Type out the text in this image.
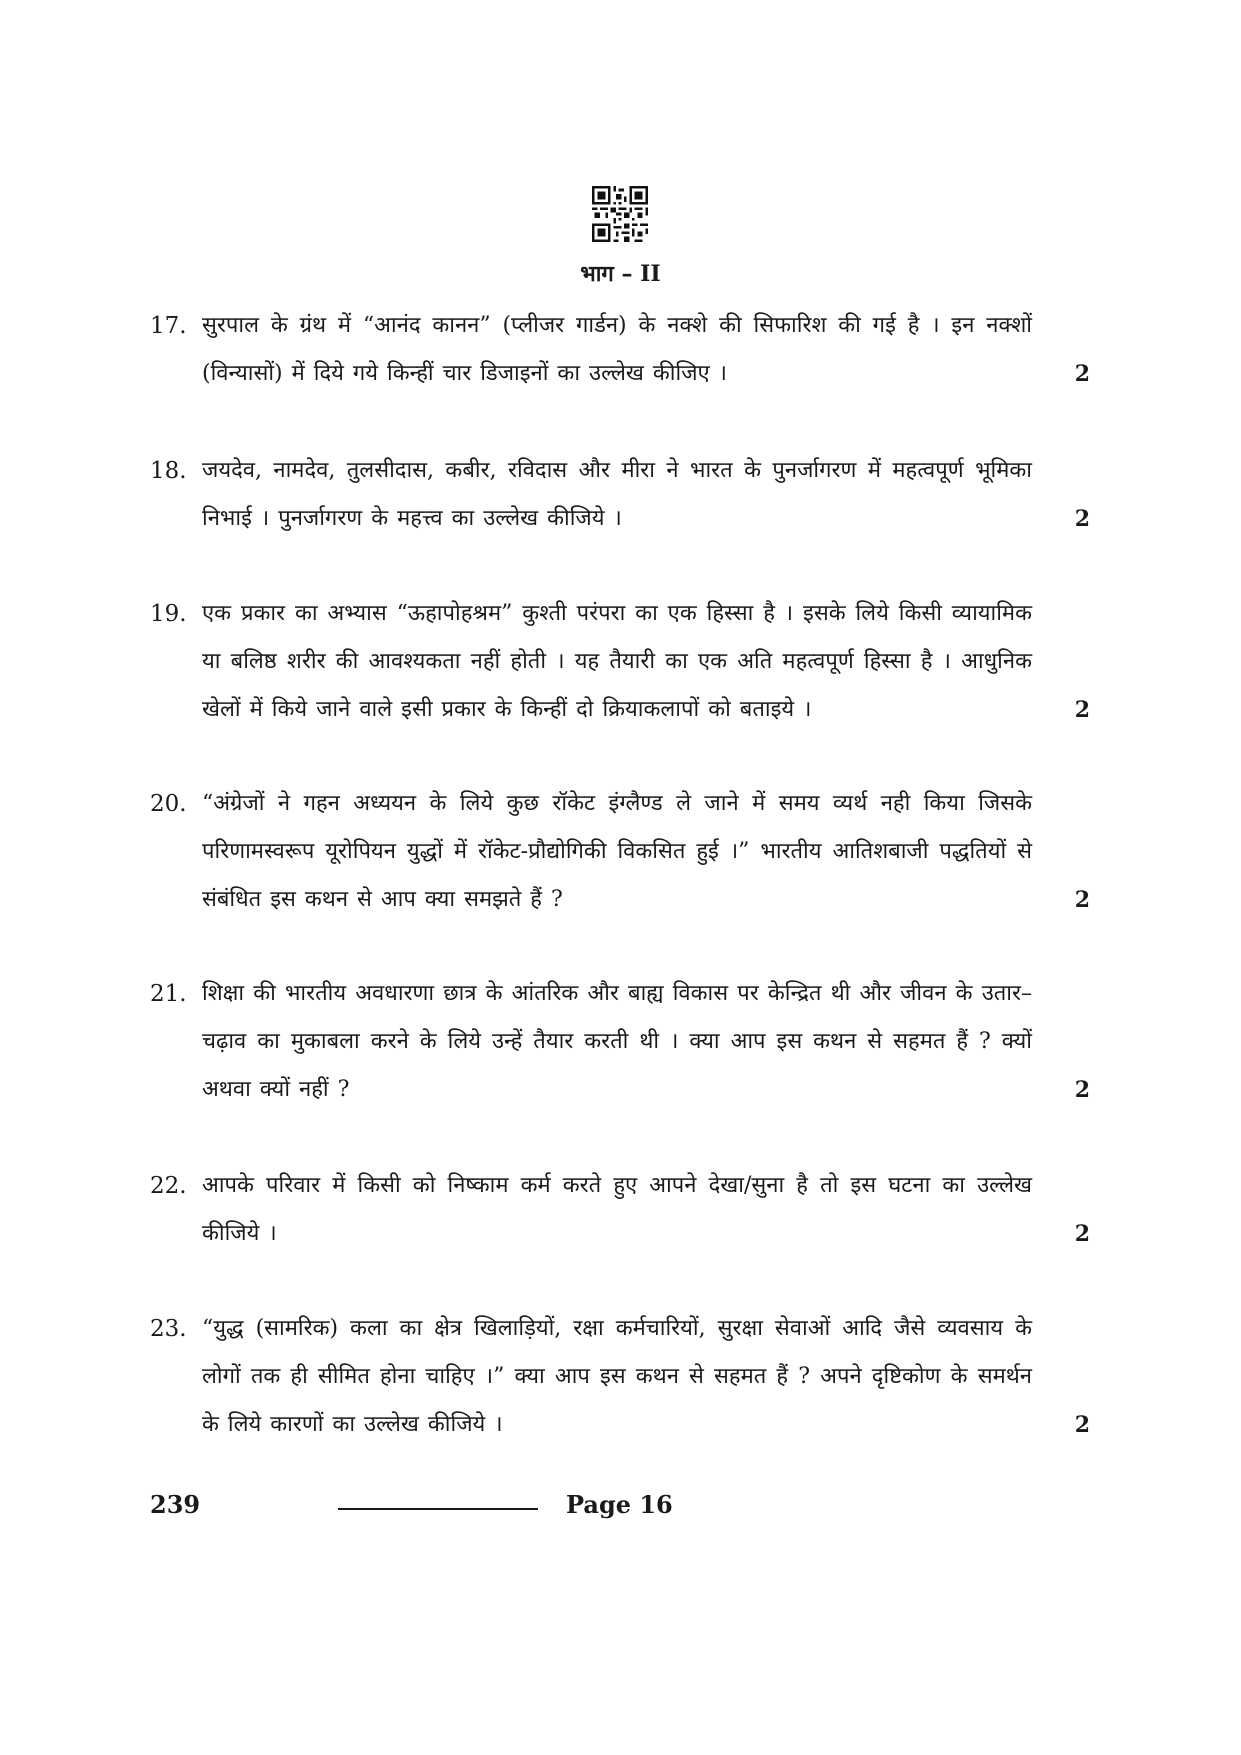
भाग – II
17. सुरपाल के ग्रंथ में “आनंद कानन” (प्लीजर गार्डन) के नक्शे की सिफारिश की गई है । इन नक्शों (विन्यासों) में दिये गये किन्हीं चार डिजाइनों का उल्लेख कीजिए ।	2
18. जयदेव, नामदेव, तुलसीदास, कबीर, रविदास और मीरा ने भारत के पुनर्जागरण में महत्वपूर्ण भूमिका निभाई । पुनर्जागरण के महत्त्व का उल्लेख कीजिये ।	2
19. एक प्रकार का अभ्यास “ऊहापोहश्रम” कुश्ती परंपरा का एक हिस्सा है । इसके लिये किसी व्यायामिक या बलिष्ठ शरीर की आवश्यकता नहीं होती । यह तैयारी का एक अति महत्वपूर्ण हिस्सा है । आधुनिक खेलों में किये जाने वाले इसी प्रकार के किन्हीं दो क्रियाकलापों को बताइये ।	2
20. “अंग्रेजों ने गहन अध्ययन के लिये कुछ रॉकेट इंग्लैण्ड ले जाने में समय व्यर्थ नही किया जिसके परिणामस्वरूप यूरोपियन युद्धों में रॉकेट-प्रौद्योगिकी विकसित हुई ।” भारतीय आतिशबाजी पद्धतियों से संबंधित इस कथन से आप क्या समझते हैं ?	2
21. शिक्षा की भारतीय अवधारणा छात्र के आंतरिक और बाह्य विकास पर केन्द्रित थी और जीवन के उतार–चढ़ाव का मुकाबला करने के लिये उन्हें तैयार करती थी । क्या आप इस कथन से सहमत हैं ? क्यों अथवा क्यों नहीं ?	2
22. आपके परिवार में किसी को निष्काम कर्म करते हुए आपने देखा/सुना है तो इस घटना का उल्लेख कीजिये ।	2
23. “युद्ध (सामरिक) कला का क्षेत्र खिलाड़ियों, रक्षा कर्मचारियों, सुरक्षा सेवाओं आदि जैसे व्यवसाय के लोगों तक ही सीमित होना चाहिए ।” क्या आप इस कथन से सहमत हैं ? अपने दृष्टिकोण के समर्थन के लिये कारणों का उल्लेख कीजिये ।	2
239	Page 16
